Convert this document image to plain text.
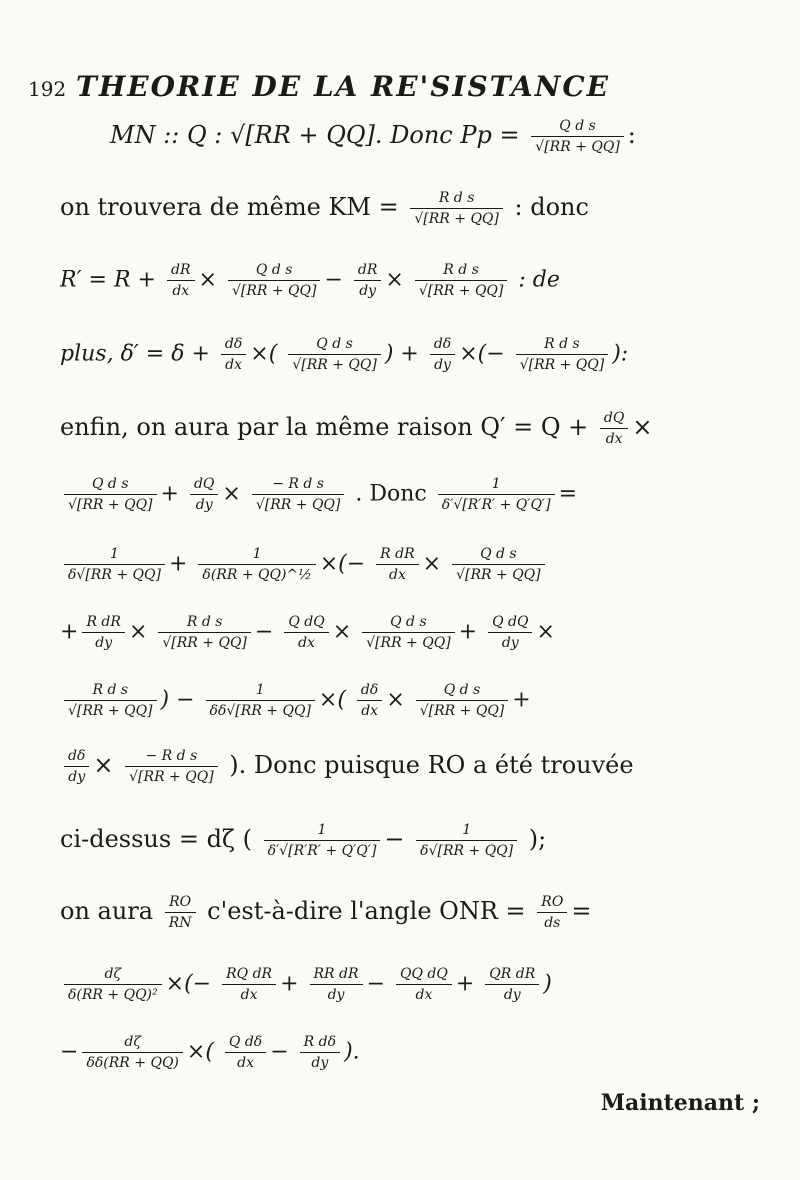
192 THEORIE DE LA RE'SISTANCE
MN :: Q : √[RR + QQ]. Donc $Pp = \frac{\text{Q d s}}{√[RR + QQ]}$ :
on trouvera de même KM = $\frac{\text{R d s}}{√[RR + QQ]}$ : donc
$R' = R + \frac{dR}{dx} \times \frac{\text{Q d s}}{√[RR + QQ]} - \frac{dR}{dy} \times \frac{\text{R d s}}{√[RR + QQ]}$ : de
plus, $\delta' = \delta + \frac{d\delta}{dx}$ ×( $\frac{\text{Q d s}}{√[RR + QQ]}$ ) + $\frac{d\delta}{dy}$ ×(− $\frac{\text{R d s}}{√[RR + QQ]}$ ):
enfin, on aura par la même raison $Q' = Q + \frac{dQ}{dx}$ ×
$\frac{\text{Q d s}}{√[RR + QQ]} + \frac{dQ}{dy} \times \frac{\text{− R d s}}{√[RR + QQ]}$ . Donc $\frac{1}{\delta'√[R'R' + Q'Q']}$ =
$\frac{1}{\delta√[RR + QQ]} + \frac{1}{\text{δ(RR + QQ)\textasciicircum{}½}}$ ×(− $\frac{\text{R dR}}{dx} \times \frac{\text{Q d s}}{√[RR + QQ]}$
+ $\frac{\text{R dR}}{dy} \times \frac{\text{R d s}}{√[RR + QQ]} - \frac{\text{Q dQ}}{dx} \times \frac{\text{Q d s}}{√[RR + QQ]} + \frac{\text{Q dQ}}{dy}$ ×
$\frac{\text{R d s}}{√[RR + QQ]}$ ) − $\frac{1}{\delta\delta√[RR + QQ]}$ ×( $\frac{d\delta}{dx} \times \frac{\text{Q d s}}{√[RR + QQ]}$ +
$\frac{d\delta}{dy} \times \frac{\text{− R d s}}{√[RR + QQ]}$ ). Donc puisque RO a été trouvée
ci-dessus = dζ ( $\frac{1}{\delta'√[R'R' + Q'Q']} - \frac{1}{\delta√[RR + QQ]}$ );
on aura $\frac{RO}{RN}$ c'est-à-dire l'angle ONR = $\frac{RO}{ds}$ =
$\frac{d\zeta}{\text{δ(RR + QQ)²}}$ ×(− $\frac{\text{RQ dR}}{dx} + \frac{\text{RR dR}}{dy} - \frac{\text{QQ dQ}}{dx} + \frac{\text{QR dR}}{dy}$ )
− $\frac{d\zeta}{\delta\delta(RR + QQ)}$ ×( $\frac{\text{Q dδ}}{dx} - \frac{\text{R dδ}}{dy}$ ).
Maintenant ;
